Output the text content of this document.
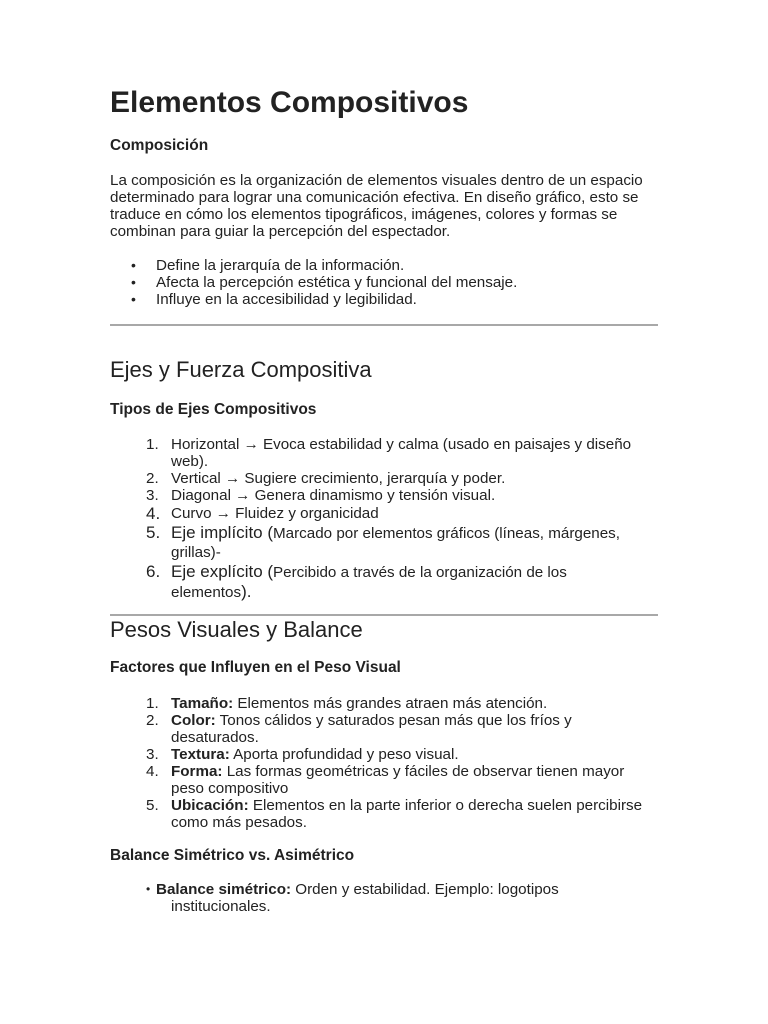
Elementos Compositivos
Composición

La composición es la organización de elementos visuales dentro de un espacio
determinado para lograr una comunicación efectiva. En diseño gráfico, esto se
traduce en cómo los elementos tipográficos, imágenes, colores y formas se
combinan para guiar la percepción del espectador.

• Define la jerarquía de la información.
• Afecta la percepción estética y funcional del mensaje.
• Influye en la accesibilidad y legibilidad.
Ejes y Fuerza Compositiva
Tipos de Ejes Compositivos
1. Horizontal → Evoca estabilidad y calma (usado en paisajes y diseño
web).
2. Vertical → Sugiere crecimiento, jerarquía y poder.
3. Diagonal → Genera dinamismo y tensión visual.
4. Curvo → Fluidez y organicidad
5. Eje implícito (Marcado por elementos gráficos (líneas, márgenes,
grillas)-
6. Eje explícito (Percibido a través de la organización de los
elementos).
Pesos Visuales y Balance
Factores que Influyen en el Peso Visual
1. Tamaño: Elementos más grandes atraen más atención.
2. Color: Tonos cálidos y saturados pesan más que los fríos y
desaturados.
3. Textura: Aporta profundidad y peso visual.
4. Forma: Las formas geométricas y fáciles de observar tienen mayor
peso compositivo
5. Ubicación: Elementos en la parte inferior o derecha suelen percibirse
como más pesados.
Balance Simétrico vs. Asimétrico
• Balance simétrico: Orden y estabilidad. Ejemplo: logotipos
institucionales.
